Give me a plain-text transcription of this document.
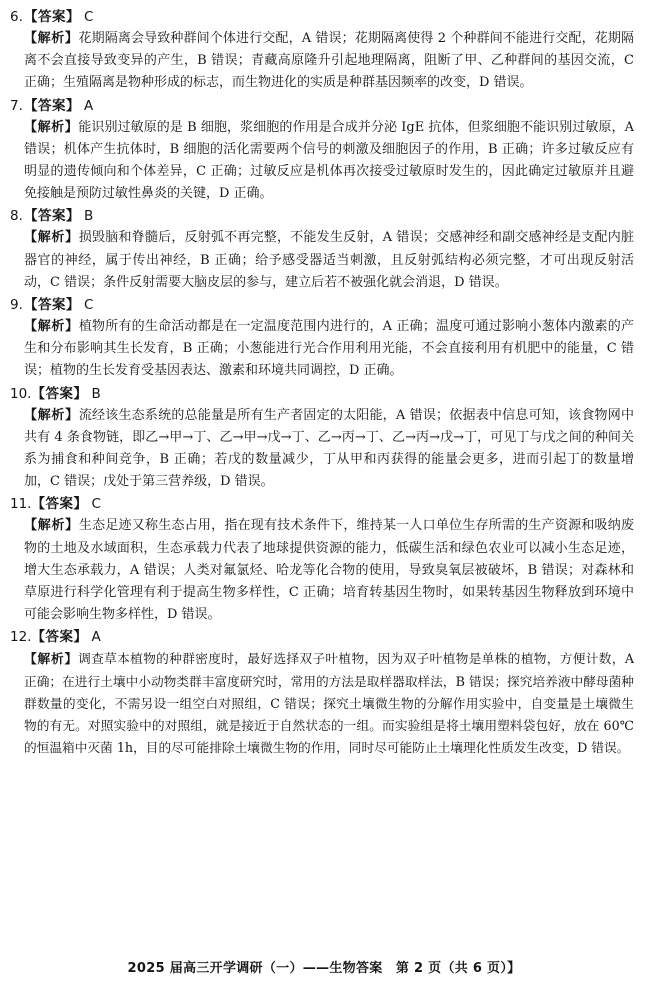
6.【答案】 C

【解析】花期隔离会导致种群间个体进行交配，A 错误；花期隔离使得 2 个种群间不能进行交配，花期隔离不会直接导致变异的产生，B 错误；青藏高原隆升引起地理隔离，阻断了甲、乙种群间的基因交流，C 正确；生殖隔离是物种形成的标志，而生物进化的实质是种群基因频率的改变，D 错误。

7.【答案】 A

【解析】能识别过敏原的是 B 细胞，浆细胞的作用是合成并分泌 IgE 抗体，但浆细胞不能识别过敏原，A 错误；机体产生抗体时，B 细胞的活化需要两个信号的刺激及细胞因子的作用，B 正确；许多过敏反应有明显的遗传倾向和个体差异，C 正确；过敏反应是机体再次接受过敏原时发生的，因此确定过敏原并且避免接触是预防过敏性鼻炎的关键，D 正确。

8.【答案】 B

【解析】损毁脑和脊髓后，反射弧不再完整，不能发生反射，A 错误；交感神经和副交感神经是支配内脏器官的神经，属于传出神经，B 正确；给予感受器适当刺激，且反射弧结构必须完整，才可出现反射活动，C 错误；条件反射需要大脑皮层的参与，建立后若不被强化就会消退，D 错误。

9.【答案】 C

【解析】植物所有的生命活动都是在一定温度范围内进行的，A 正确；温度可通过影响小葱体内激素的产生和分布影响其生长发育，B 正确；小葱能进行光合作用利用光能，不会直接利用有机肥中的能量，C 错误；植物的生长发育受基因表达、激素和环境共同调控，D 正确。

10.【答案】 B

【解析】流经该生态系统的总能量是所有生产者固定的太阳能，A 错误；依据表中信息可知，该食物网中共有 4 条食物链，即乙→甲→丁、乙→甲→戊→丁、乙→丙→丁、乙→丙→戊→丁，可见丁与戊之间的种间关系为捕食和种间竞争，B 正确；若戊的数量减少，丁从甲和丙获得的能量会更多，进而引起丁的数量增加，C 错误；戊处于第三营养级，D 错误。

11.【答案】 C

【解析】生态足迹又称生态占用，指在现有技术条件下，维持某一人口单位生存所需的生产资源和吸纳废物的土地及水域面积，生态承载力代表了地球提供资源的能力，低碳生活和绿色农业可以减小生态足迹，增大生态承载力，A 错误；人类对氟氯烃、哈龙等化合物的使用，导致臭氧层被破坏，B 错误；对森林和草原进行科学化管理有利于提高生物多样性，C 正确；培育转基因生物时，如果转基因生物释放到环境中可能会影响生物多样性，D 错误。

12.【答案】 A

【解析】调查草本植物的种群密度时，最好选择双子叶植物，因为双子叶植物是单株的植物，方便计数，A 正确；在进行土壤中小动物类群丰富度研究时，常用的方法是取样器取样法，B 错误；探究培养液中酵母菌种群数量的变化，不需另设一组空白对照组，C 错误；探究土壤微生物的分解作用实验中，自变量是土壤微生物的有无。对照实验中的对照组，就是接近于自然状态的一组。而实验组是将土壤用塑料袋包好，放在 60℃ 的恒温箱中灭菌 1h，目的尽可能排除土壤微生物的作用，同时尽可能防止土壤理化性质发生改变，D 错误。

2025 届高三开学调研（一）——生物答案　第 2 页（共 6 页）】
